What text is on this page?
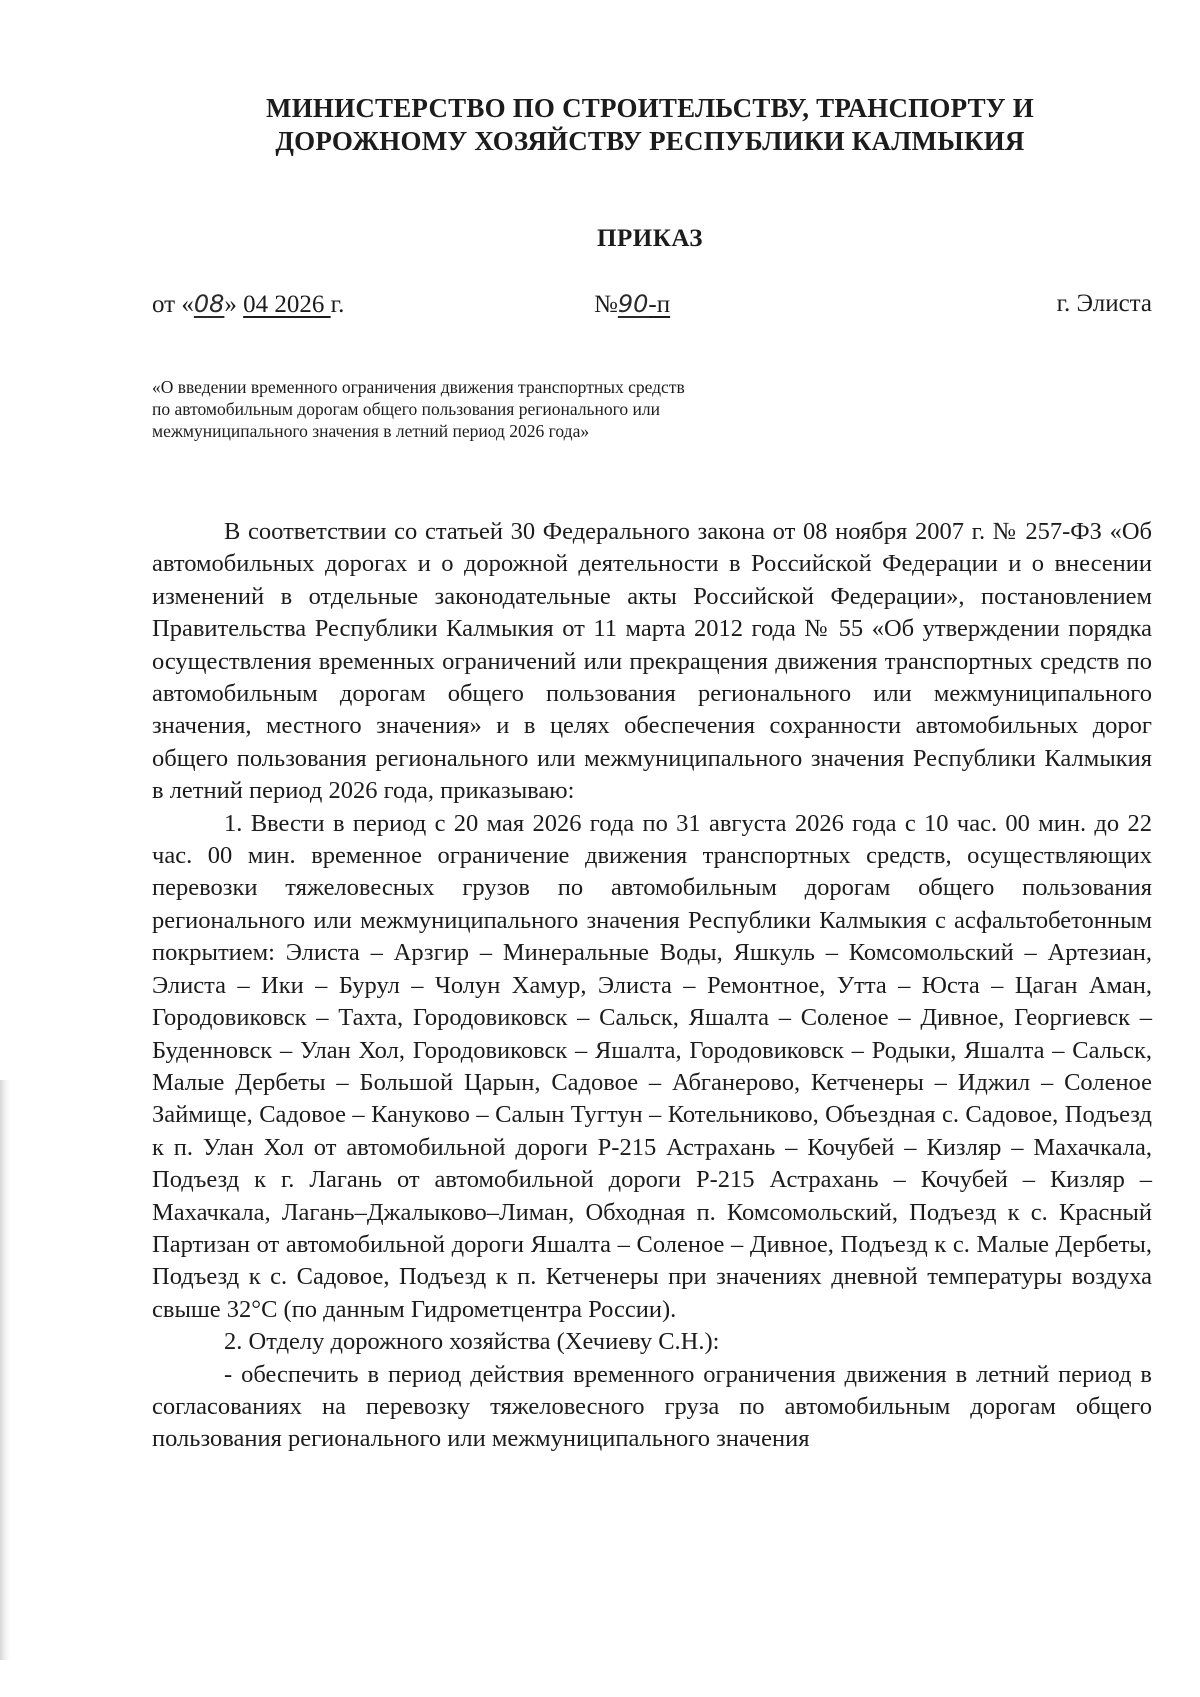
МИНИСТЕРСТВО ПО СТРОИТЕЛЬСТВУ, ТРАНСПОРТУ И
ДОРОЖНОМУ ХОЗЯЙСТВУ РЕСПУБЛИКИ КАЛМЫКИЯ
ПРИКАЗ
от «08» 04 2026 г.	№90-п	г. Элиста
«О введении временного ограничения движения транспортных средств
по автомобильным дорогам общего пользования регионального или
межмуниципального значения в летний период 2026 года»

В соответствии со статьей 30 Федерального закона от 08 ноября 2007 г. № 257-ФЗ «Об автомобильных дорогах и о дорожной деятельности в Российской Федерации и о внесении изменений в отдельные законодательные акты Российской Федерации», постановлением Правительства Республики Калмыкия от 11 марта 2012 года № 55 «Об утверждении порядка осуществления временных ограничений или прекращения движения транспортных средств по автомобильным дорогам общего пользования регионального или межмуниципального значения, местного значения» и в целях обеспечения сохранности автомобильных дорог общего пользования регионального или межмуниципального значения Республики Калмыкия в летний период 2026 года, приказываю:

1. Ввести в период с 20 мая 2026 года по 31 августа 2026 года с 10 час. 00 мин. до 22 час. 00 мин. временное ограничение движения транспортных средств, осуществляющих перевозки тяжеловесных грузов по автомобильным дорогам общего пользования регионального или межмуниципального значения Республики Калмыкия с асфальтобетонным покрытием: Элиста – Арзгир – Минеральные Воды, Яшкуль – Комсомольский – Артезиан, Элиста – Ики – Бурул – Чолун Хамур, Элиста – Ремонтное, Утта – Юста – Цаган Аман, Городовиковск – Тахта, Городовиковск – Сальск, Яшалта – Соленое – Дивное, Георгиевск – Буденновск – Улан Хол, Городовиковск – Яшалта, Городовиковск – Родыки, Яшалта – Сальск, Малые Дербеты – Большой Царын, Садовое – Абганерово, Кетченеры – Иджил – Соленое Займище, Садовое – Кануково – Салын Тугтун – Котельниково, Объездная с. Садовое, Подъезд к п. Улан Хол от автомобильной дороги Р-215 Астрахань – Кочубей – Кизляр – Махачкала, Подъезд к г. Лагань от автомобильной дороги Р-215 Астрахань – Кочубей – Кизляр – Махачкала, Лагань–Джалыково–Лиман, Обходная п. Комсомольский, Подъезд к с. Красный Партизан от автомобильной дороги Яшалта – Соленое – Дивное, Подъезд к с. Малые Дербеты, Подъезд к с. Садовое, Подъезд к п. Кетченеры при значениях дневной температуры воздуха свыше 32°С (по данным Гидрометцентра России).

2. Отделу дорожного хозяйства (Хечиеву С.Н.):

- обеспечить в период действия временного ограничения движения в летний период в согласованиях на перевозку тяжеловесного груза по автомобильным дорогам общего пользования регионального или межмуниципального значения
